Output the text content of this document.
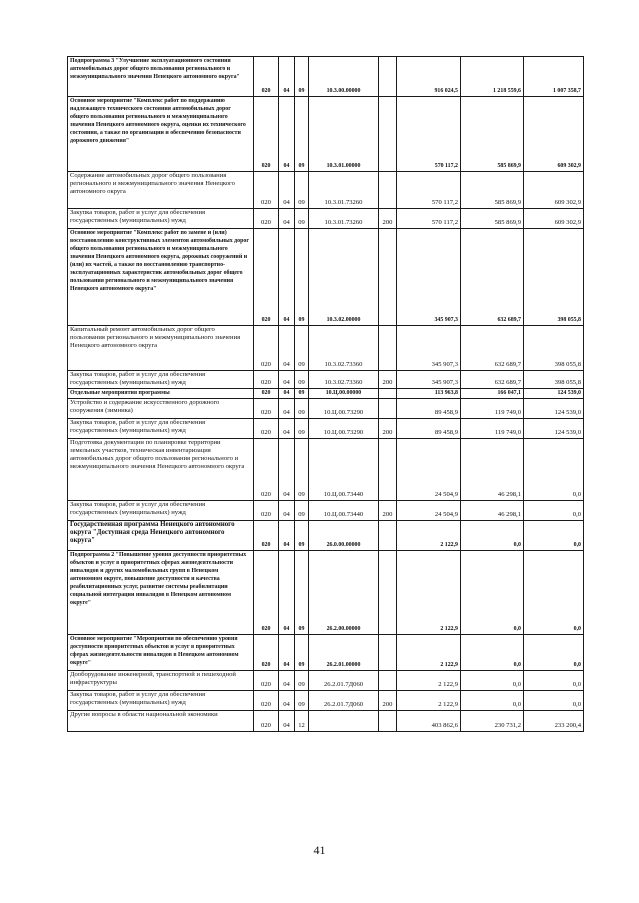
Подпрограмма 3 "Улучшение эксплуатационного состояния автомобильных дорог общего пользования регионального и межмуниципального значения Ненецкого автономного округа"	020	04	09	10.3.00.00000		916 024,5	1 218 559,6	1 007 358,7
Основное мероприятие "Комплекс работ по поддержанию надлежащего технического состояния автомобильных дорог общего пользования регионального и межмуниципального значения Ненецкого автономного округа, оценки их технического состояния, а также по организации и обеспечению безопасности дорожного движения"	020	04	09	10.3.01.00000		570 117,2	585 869,9	609 302,9
Содержание автомобильных дорог общего пользования регионального и межмуниципального значения Ненецкого автономного округа	020	04	09	10.3.01.73260		570 117,2	585 869,9	609 302,9
Закупка товаров, работ и услуг для обеспечения государственных (муниципальных) нужд	020	04	09	10.3.01.73260	200	570 117,2	585 869,9	609 302,9
Основное мероприятие "Комплекс работ по замене и (или) восстановлению конструктивных элементов автомобильных дорог общего пользования регионального и межмуниципального значения Ненецкого автономного округа, дорожных сооружений и (или) их частей, а также по восстановлению транспортно-эксплуатационных характеристик автомобильных дорог общего пользования регионального и межмуниципального значения Ненецкого автономного округа"	020	04	09	10.3.02.00000		345 907,3	632 689,7	398 055,8
Капитальный ремонт автомобильных дорог общего пользования регионального и межмуниципального значения Ненецкого автономного округа	020	04	09	10.3.02.73360		345 907,3	632 689,7	398 055,8
Закупка товаров, работ и услуг для обеспечения государственных (муниципальных) нужд	020	04	09	10.3.02.73360	200	345 907,3	632 689,7	398 055,8
Отдельные мероприятия программы	020	04	09	10.Ц.00.00000		113 963,8	166 047,1	124 539,0
Устройство и содержание искусственного дорожного сооружения (зимника)	020	04	09	10.Ц.00.73290		89 458,9	119 749,0	124 539,0
Закупка товаров, работ и услуг для обеспечения государственных (муниципальных) нужд	020	04	09	10.Ц.00.73290	200	89 458,9	119 749,0	124 539,0
Подготовка документации по планировке территории земельных участков, техническая инвентаризация автомобильных дорог общего пользования регионального и межмуниципального значения Ненецкого автономного округа	020	04	09	10.Ц.00.73440		24 504,9	46 298,1	0,0
Закупка товаров, работ и услуг для обеспечения государственных (муниципальных) нужд	020	04	09	10.Ц.00.73440	200	24 504,9	46 298,1	0,0
Государственная программа Ненецкого автономного округа "Доступная среда Ненецкого автономного округа"	020	04	09	26.0.00.00000		2 122,9	0,0	0,0
Подпрограмма 2 "Повышение уровня доступности приоритетных объектов и услуг в приоритетных сферах жизнедеятельности инвалидов и других маломобильных групп в Ненецком автономном округе, повышение доступности и качества реабилитационных услуг, развитие системы реабилитации социальной интеграции инвалидов в Ненецком автономном округе"	020	04	09	26.2.00.00000		2 122,9	0,0	0,0
Основное мероприятие "Мероприятия по обеспечению уровня доступности приоритетных объектов и услуг в приоритетных сферах жизнедеятельности инвалидов в Ненецком автономном округе"	020	04	09	26.2.01.00000		2 122,9	0,0	0,0
Дооборудование инженерной, транспортной и пешеходной инфраструктуры	020	04	09	26.2.01.7Д060		2 122,9	0,0	0,0
Закупка товаров, работ и услуг для обеспечения государственных (муниципальных) нужд	020	04	09	26.2.01.7Д060	200	2 122,9	0,0	0,0
Другие вопросы в области национальной экономики	020	04	12			403 862,6	230 731,2	233 200,4
41
